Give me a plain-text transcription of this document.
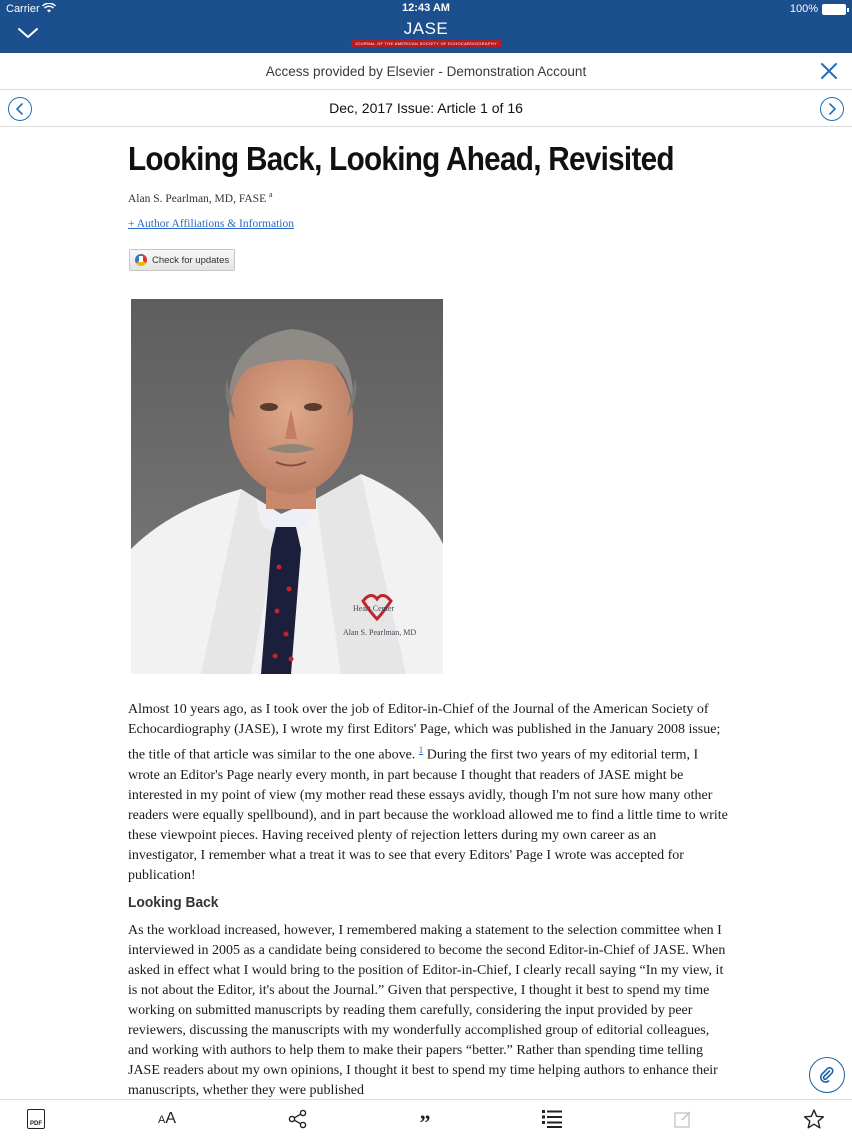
Carrier	12:43 AM	100%
JASE
JOURNAL OF THE AMERICAN SOCIETY OF ECHOCARDIOGRAPHY
Access provided by Elsevier - Demonstration Account
Dec, 2017 Issue: Article 1 of 16
Looking Back, Looking Ahead, Revisited
Alan S. Pearlman, MD, FASE $^a$
+ Author Affiliations & Information
Check for updates
Heart Center
Alan S. Pearlman, MD
Almost 10 years ago, as I took over the job of Editor-in-Chief of the Journal of the American Society of Echocardiography (JASE), I wrote my first Editors' Page, which was published in the January 2008 issue; the title of that article was similar to the one above. $^1$ During the first two years of my editorial term, I wrote an Editor's Page nearly every month, in part because I thought that readers of JASE might be interested in my point of view (my mother read these essays avidly, though I'm not sure how many other readers were equally spellbound), and in part because the workload allowed me to find a little time to write these viewpoint pieces. Having received plenty of rejection letters during my own career as an investigator, I remember what a treat it was to see that every Editors' Page I wrote was accepted for publication!
Looking Back
As the workload increased, however, I remembered making a statement to the selection committee when I interviewed in 2005 as a candidate being considered to become the second Editor-in-Chief of JASE. When asked in effect what I would bring to the position of Editor-in-Chief, I clearly recall saying “In my view, it is not about the Editor, it's about the Journal.” Given that perspective, I thought it best to spend my time working on submitted manuscripts by reading them carefully, considering the input provided by peer reviewers, discussing the manuscripts with my wonderfully accomplished group of editorial colleagues, and working with authors to help them to make their papers “better.” Rather than spending time telling JASE readers about my own opinions, I thought it best to spend my time helping authors to enhance their manuscripts, whether they were published
PDF	AA	”
